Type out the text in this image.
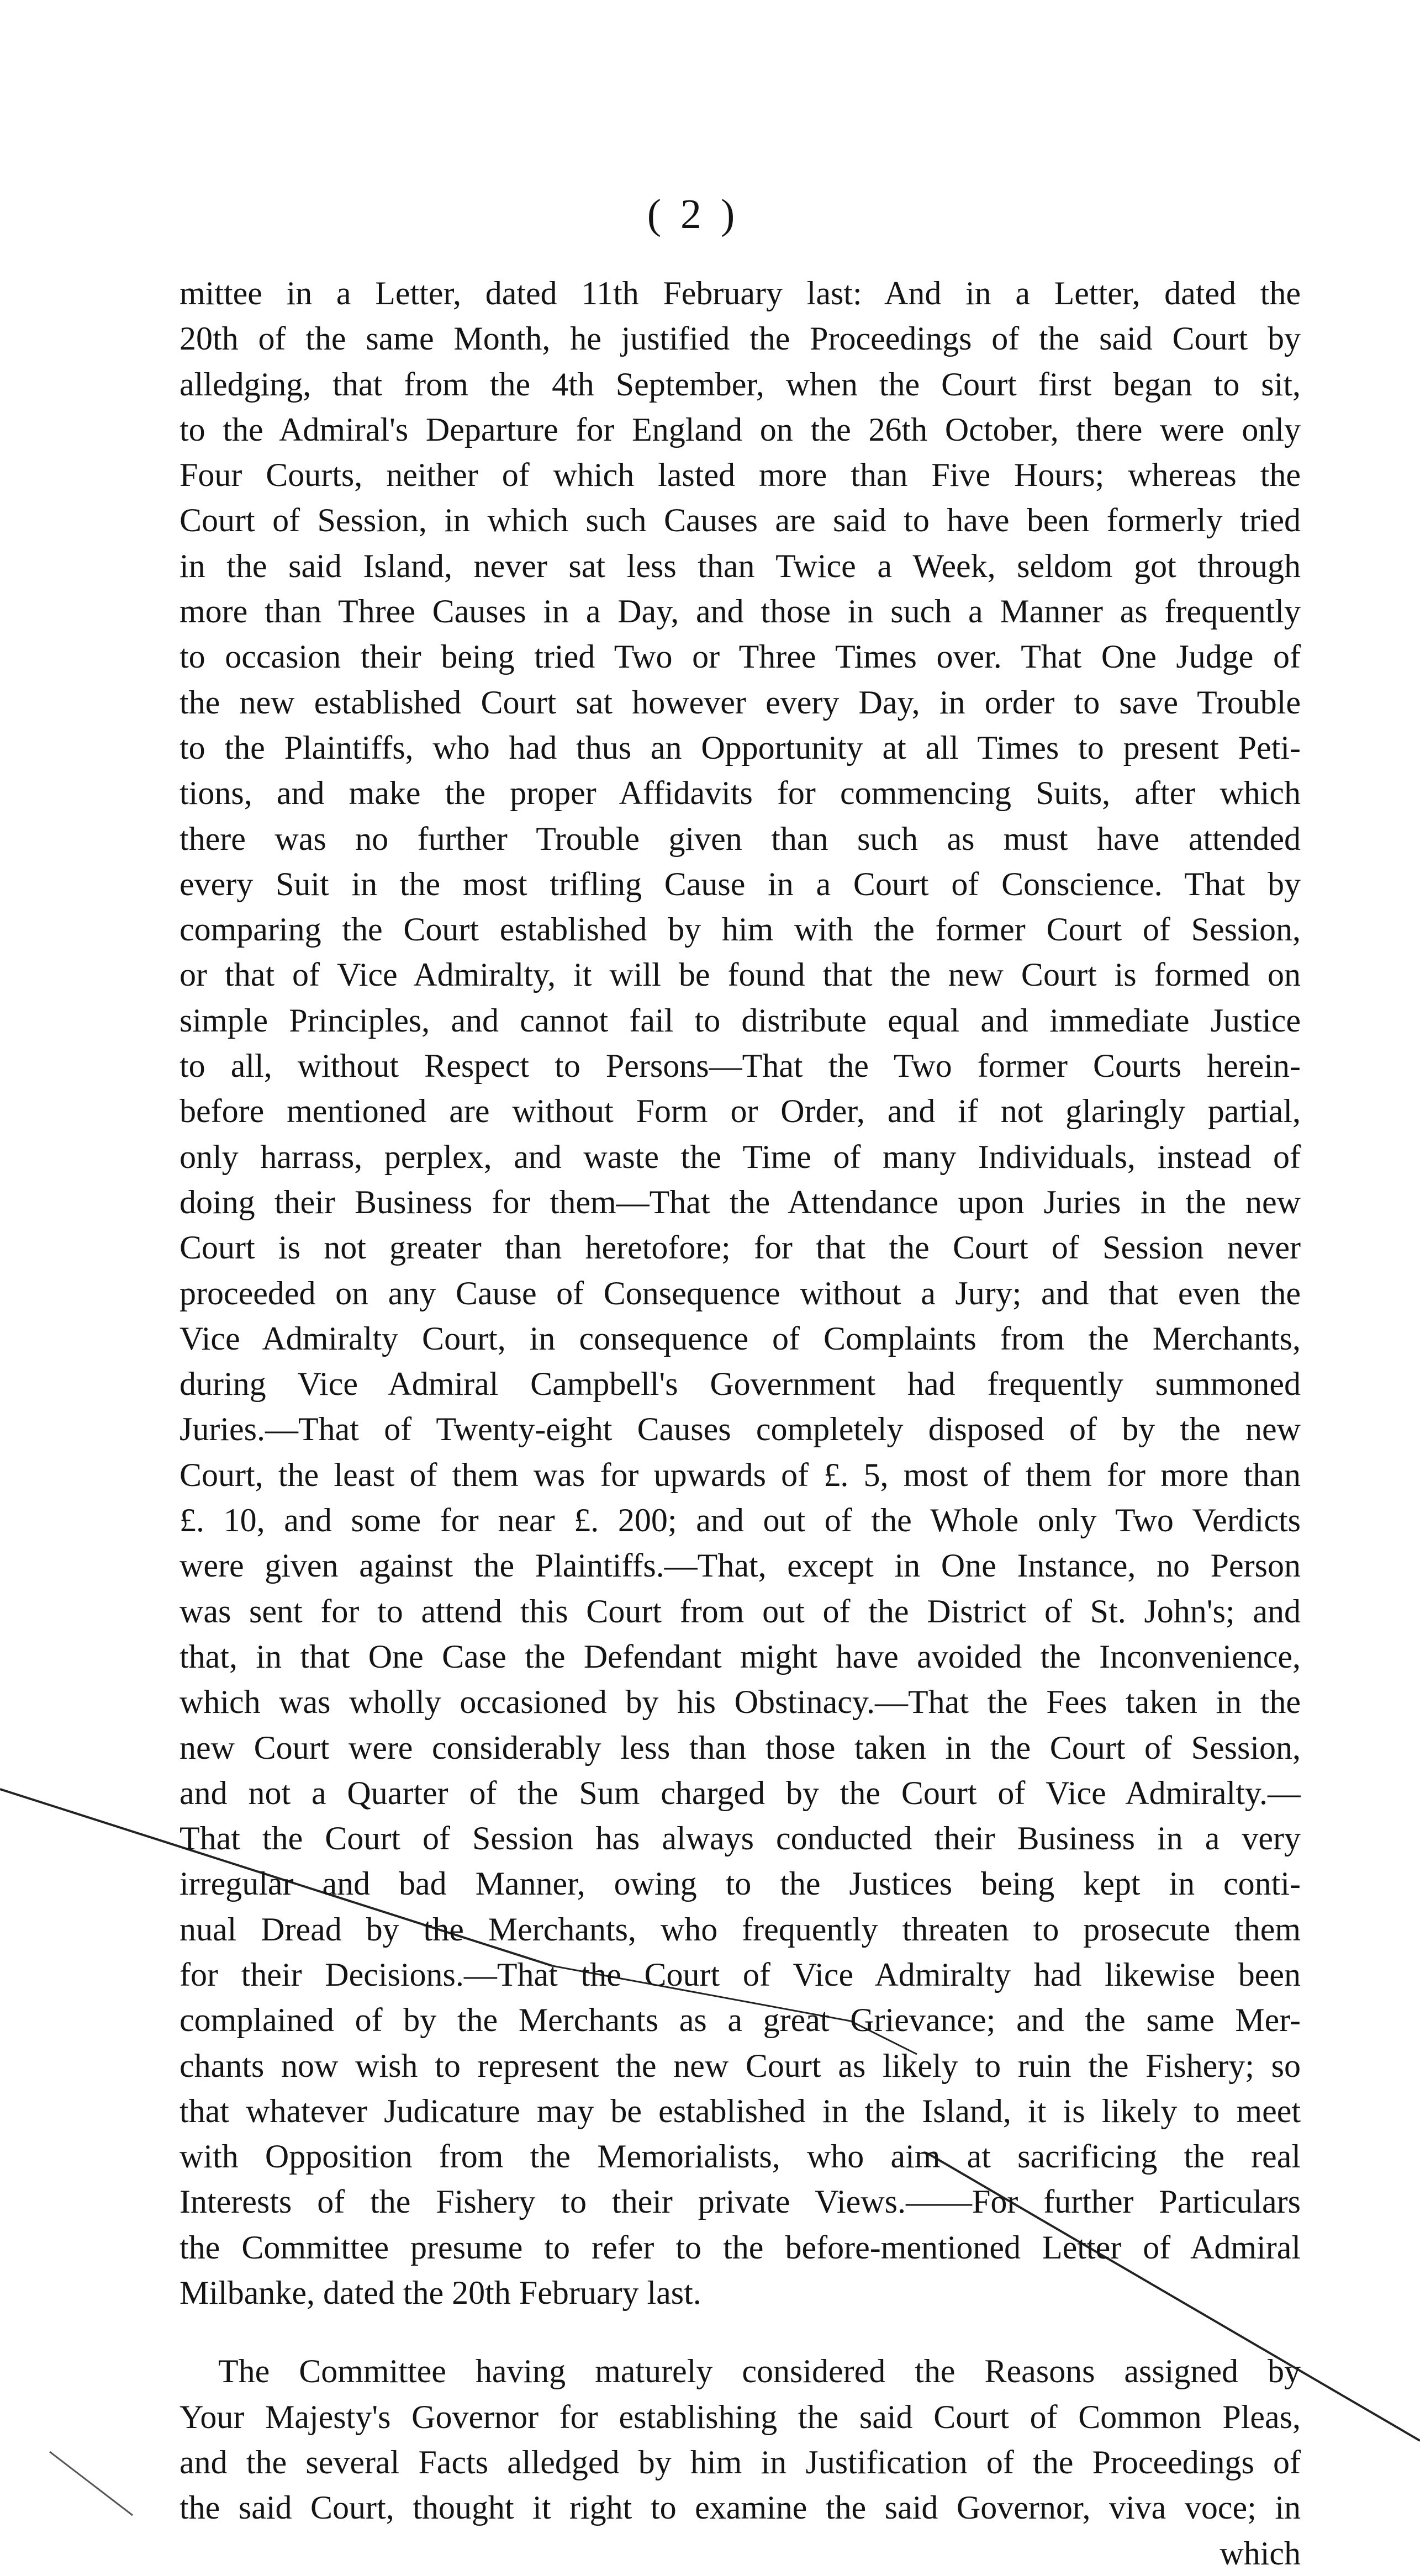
( 2 )
mittee in a Letter, dated 11th February last: And in a Letter, dated the
20th of the same Month, he justified the Proceedings of the said Court by
alledging, that from the 4th September, when the Court first began to sit,
to the Admiral's Departure for England on the 26th October, there were only
Four Courts, neither of which lasted more than Five Hours; whereas the
Court of Session, in which such Causes are said to have been formerly tried
in the said Island, never sat less than Twice a Week, seldom got through
more than Three Causes in a Day, and those in such a Manner as frequently
to occasion their being tried Two or Three Times over. That One Judge of
the new established Court sat however every Day, in order to save Trouble
to the Plaintiffs, who had thus an Opportunity at all Times to present Peti-
tions, and make the proper Affidavits for commencing Suits, after which
there was no further Trouble given than such as must have attended
every Suit in the most trifling Cause in a Court of Conscience. That by
comparing the Court established by him with the former Court of Session,
or that of Vice Admiralty, it will be found that the new Court is formed on
simple Principles, and cannot fail to distribute equal and immediate Justice
to all, without Respect to Persons—That the Two former Courts herein-
before mentioned are without Form or Order, and if not glaringly partial,
only harrass, perplex, and waste the Time of many Individuals, instead of
doing their Business for them—That the Attendance upon Juries in the new
Court is not greater than heretofore; for that the Court of Session never
proceeded on any Cause of Consequence without a Jury; and that even the
Vice Admiralty Court, in consequence of Complaints from the Merchants,
during Vice Admiral Campbell's Government had frequently summoned
Juries.—That of Twenty-eight Causes completely disposed of by the new
Court, the least of them was for upwards of £. 5, most of them for more than
£. 10, and some for near £. 200; and out of the Whole only Two Verdicts
were given against the Plaintiffs.—That, except in One Instance, no Person
was sent for to attend this Court from out of the District of St. John's; and
that, in that One Case the Defendant might have avoided the Inconvenience,
which was wholly occasioned by his Obstinacy.—That the Fees taken in the
new Court were considerably less than those taken in the Court of Session,
and not a Quarter of the Sum charged by the Court of Vice Admiralty.—
That the Court of Session has always conducted their Business in a very
irregular and bad Manner, owing to the Justices being kept in conti-
nual Dread by the Merchants, who frequently threaten to prosecute them
for their Decisions.—That the Court of Vice Admiralty had likewise been
complained of by the Merchants as a great Grievance; and the same Mer-
chants now wish to represent the new Court as likely to ruin the Fishery; so
that whatever Judicature may be established in the Island, it is likely to meet
with Opposition from the Memorialists, who aim at sacrificing the real
Interests of the Fishery to their private Views.——For further Particulars
the Committee presume to refer to the before-mentioned Letter of Admiral
Milbanke, dated the 20th February last.
The Committee having maturely considered the Reasons assigned by
Your Majesty's Governor for establishing the said Court of Common Pleas,
and the several Facts alledged by him in Justification of the Proceedings of
the said Court, thought it right to examine the said Governor, viva voce; in
which
